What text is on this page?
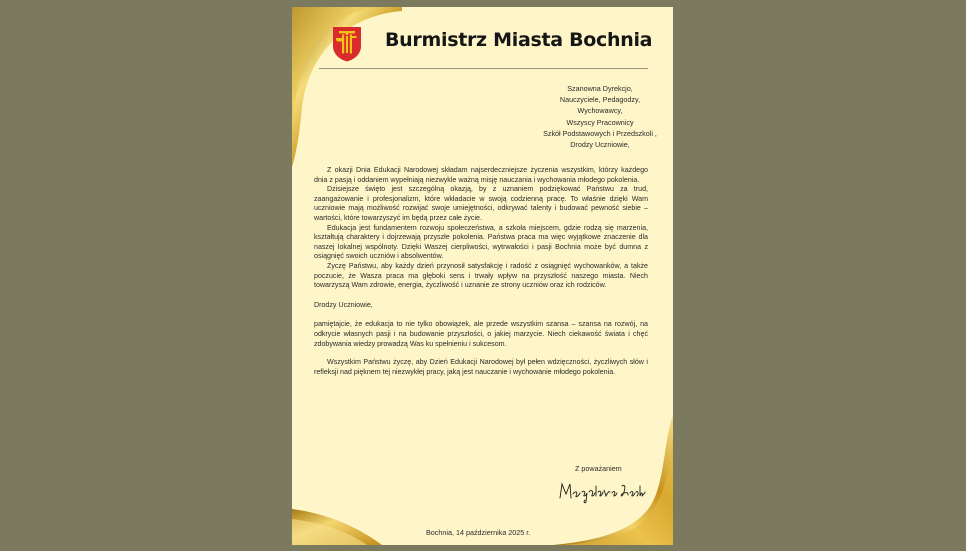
Burmistrz Miasta Bochnia
Szanowna Dyrekcjo,
Nauczyciele, Pedagodzy,
Wychowawcy,
Wszyscy Pracownicy
Szkół Podstawowych i Przedszkoli ,
Drodzy Uczniowie,

Z okazji Dnia Edukacji Narodowej składam najserdeczniejsze życzenia wszystkim, którzy każdego dnia z pasją i oddaniem wypełniają niezwykle ważną misję nauczania i wychowania młodego pokolenia.

Dzisiejsze święto jest szczególną okazją, by z uznaniem podziękować Państwu za trud, zaangażowanie i profesjonalizm, które wkładacie w swoją codzienną pracę. To właśnie dzięki Wam uczniowie mają możliwość rozwijać swoje umiejętności, odkrywać talenty i budować pewność siebie – wartości, które towarzyszyć im będą przez całe życie.

Edukacja jest fundamentem rozwoju społeczeństwa, a szkoła miejscem, gdzie rodzą się marzenia, kształtują charaktery i dojrzewają przyszłe pokolenia. Państwa praca ma więc wyjątkowe znaczenie dla naszej lokalnej wspólnoty. Dzięki Waszej cierpliwości, wytrwałości i pasji Bochnia może być dumna z osiągnięć swoich uczniów i absolwentów.

Życzę Państwu, aby każdy dzień przynosił satysfakcję i radość z osiągnięć wychowanków, a także poczucie, że Wasza praca ma głęboki sens i trwały wpływ na przyszłość naszego miasta. Niech towarzyszą Wam zdrowie, energia, życzliwość i uznanie ze strony uczniów oraz ich rodziców.

Drodzy Uczniowie,

pamiętajcie, że edukacja to nie tylko obowiązek, ale przede wszystkim szansa – szansa na rozwój, na odkrycie własnych pasji i na budowanie przyszłości, o jakiej marzycie. Niech ciekawość świata i chęć zdobywania wiedzy prowadzą Was ku spełnieniu i sukcesom.

Wszystkim Państwu życzę, aby Dzień Edukacji Narodowej był pełen wdzięczności, życzliwych słów i refleksji nad pięknem tej niezwykłej pracy, jaką jest nauczanie i wychowanie młodego pokolenia.

Z poważaniem
Bochnia, 14 października 2025 r.
